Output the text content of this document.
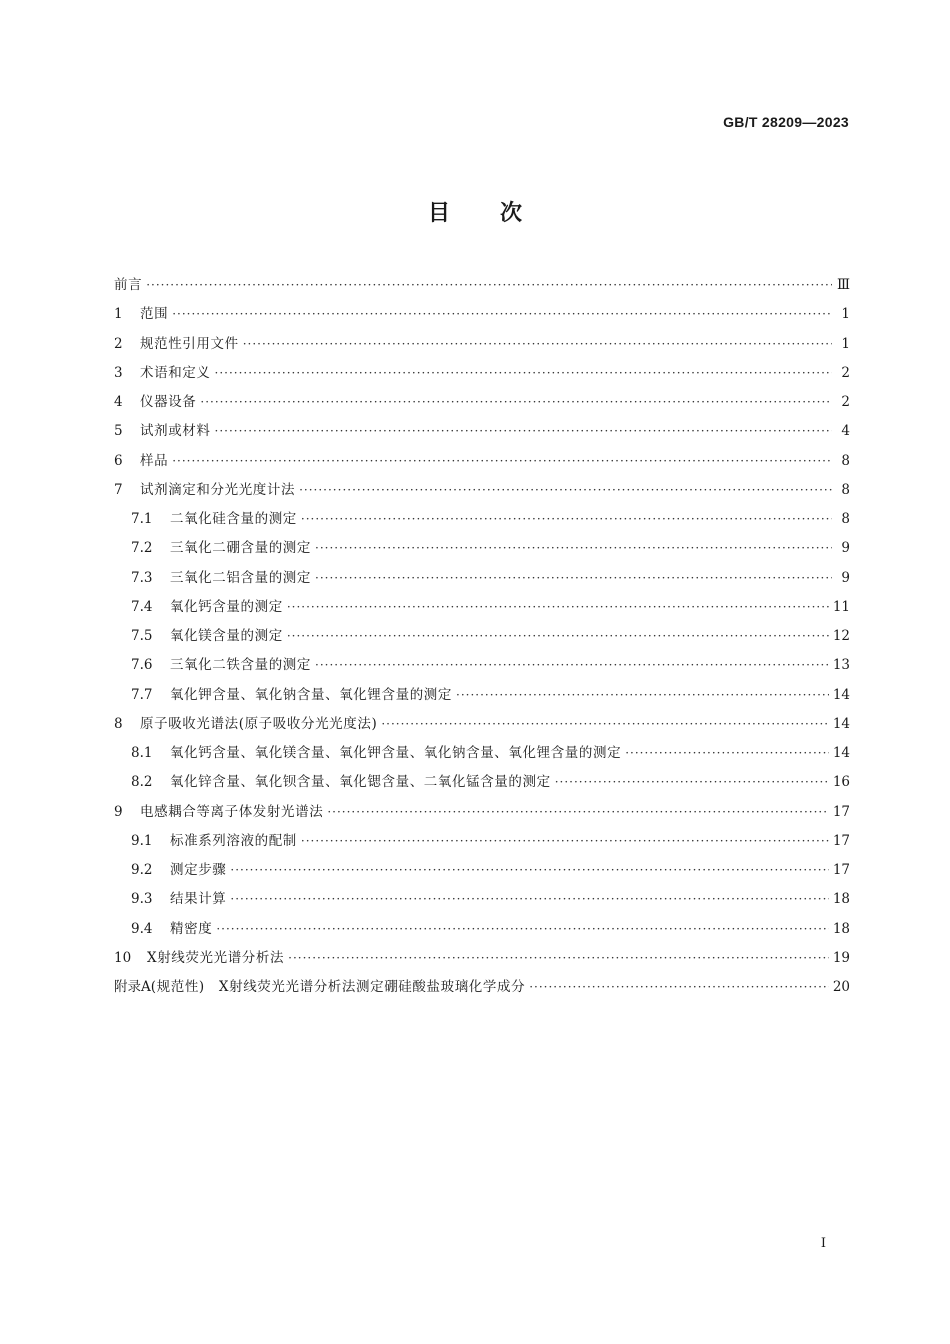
GB/T 28209—2023
目次
前言 ·····	Ⅲ
1	范围 ·····	1
2	规范性引用文件 ·····	1
3	术语和定义 ·····	2
4	仪器设备 ·····	2
5	试剂或材料 ·····	4
6	样品 ·····	8
7	试剂滴定和分光光度计法 ·····	8
7.1	二氧化硅含量的测定 ·····	8
7.2	三氧化二硼含量的测定 ·····	9
7.3	三氧化二铝含量的测定 ·····	9
7.4	氧化钙含量的测定 ·····	11
7.5	氧化镁含量的测定 ·····	12
7.6	三氧化二铁含量的测定 ·····	13
7.7	氧化钾含量、氧化钠含量、氧化锂含量的测定 ·····	14
8	原子吸收光谱法(原子吸收分光光度法) ·····	14
8.1	氧化钙含量、氧化镁含量、氧化钾含量、氧化钠含量、氧化锂含量的测定 ·····	14
8.2	氧化锌含量、氧化钡含量、氧化锶含量、二氧化锰含量的测定 ·····	16
9	电感耦合等离子体发射光谱法 ·····	17
9.1	标准系列溶液的配制 ·····	17
9.2	测定步骤 ·····	17
9.3	结果计算 ·····	18
9.4	精密度 ·····	18
10	X射线荧光光谱分析法 ·····	19
附录A (规范性)　X射线荧光光谱分析法测定硼硅酸盐玻璃化学成分 ·····	20
I
